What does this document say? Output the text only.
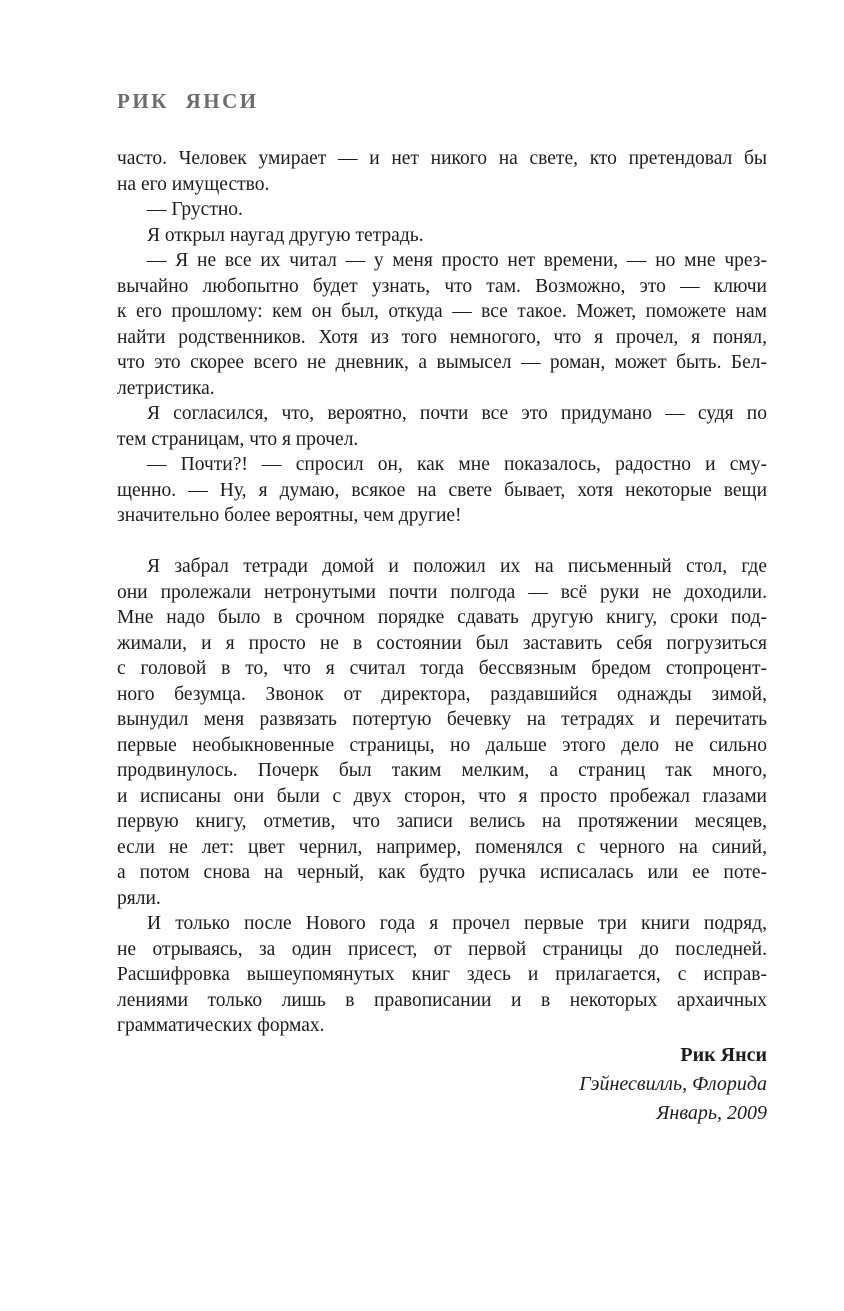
РИК ЯНСИ
часто. Человек умирает — и нет никого на свете, кто претендовал бы
на его имущество.
— Грустно.
Я открыл наугад другую тетрадь.
— Я не все их читал — у меня просто нет времени, — но мне чрез-
вычайно любопытно будет узнать, что там. Возможно, это — ключи
к его прошлому: кем он был, откуда — все такое. Может, поможете нам
найти родственников. Хотя из того немногого, что я прочел, я понял,
что это скорее всего не дневник, а вымысел — роман, может быть. Бел-
летристика.
Я согласился, что, вероятно, почти все это придумано — судя по
тем страницам, что я прочел.
— Почти?! — спросил он, как мне показалось, радостно и сму-
щенно. — Ну, я думаю, всякое на свете бывает, хотя некоторые вещи
значительно более вероятны, чем другие!
Я забрал тетради домой и положил их на письменный стол, где
они пролежали нетронутыми почти полгода — всё руки не доходили.
Мне надо было в срочном порядке сдавать другую книгу, сроки под-
жимали, и я просто не в состоянии был заставить себя погрузиться
с головой в то, что я считал тогда бессвязным бредом стопроцент-
ного безумца. Звонок от директора, раздавшийся однажды зимой,
вынудил меня развязать потертую бечевку на тетрадях и перечитать
первые необыкновенные страницы, но дальше этого дело не сильно
продвинулось. Почерк был таким мелким, а страниц так много,
и исписаны они были с двух сторон, что я просто пробежал глазами
первую книгу, отметив, что записи велись на протяжении месяцев,
если не лет: цвет чернил, например, поменялся с черного на синий,
а потом снова на черный, как будто ручка исписалась или ее поте-
ряли.
И только после Нового года я прочел первые три книги подряд,
не отрываясь, за один присест, от первой страницы до последней.
Расшифровка вышеупомянутых книг здесь и прилагается, с исправ-
лениями только лишь в правописании и в некоторых архаичных
грамматических формах.
Рик Янси
Гэйнесвилль, Флорида
Январь, 2009
